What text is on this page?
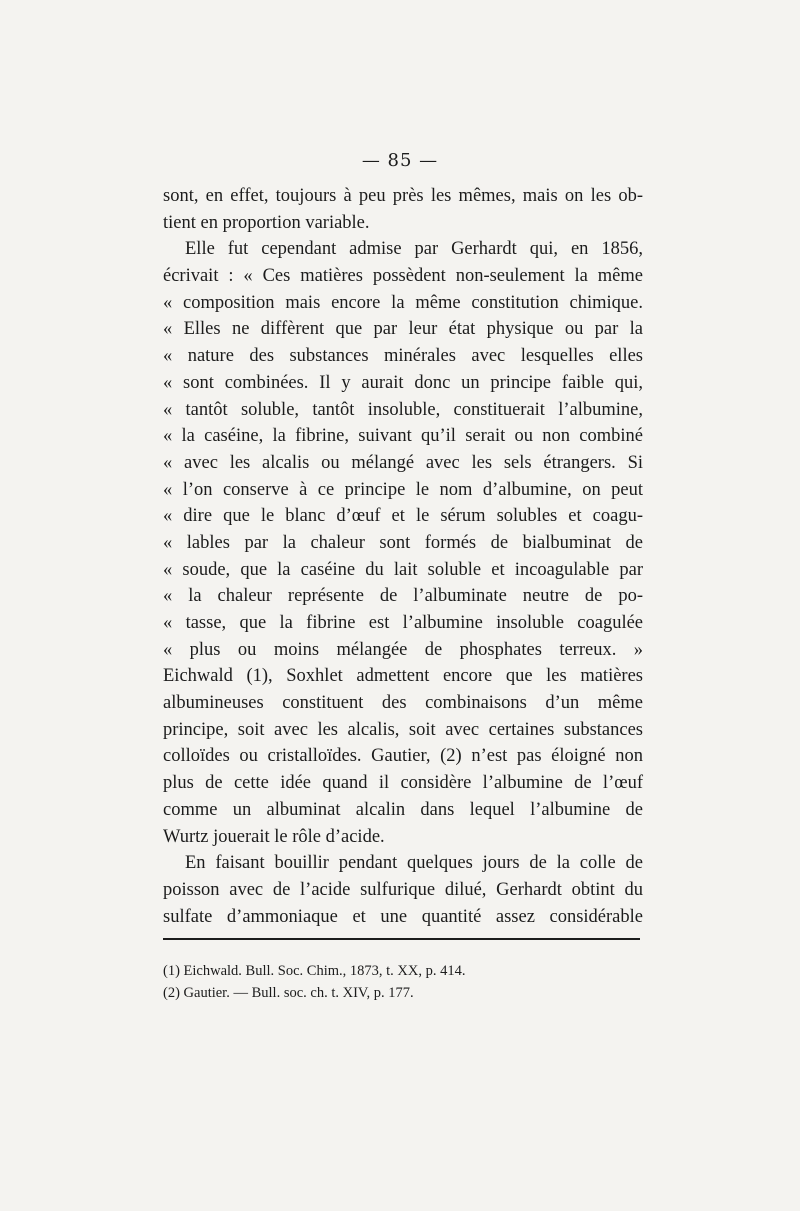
— 85 —
sont, en effet, toujours à peu près les mêmes, mais on les ob-
tient en proportion variable.
Elle fut cependant admise par Gerhardt qui, en 1856,
écrivait : « Ces matières possèdent non-seulement la même
« composition mais encore la même constitution chimique.
« Elles ne diffèrent que par leur état physique ou par la
« nature des substances minérales avec lesquelles elles
« sont combinées. Il y aurait donc un principe faible qui,
« tantôt soluble, tantôt insoluble, constituerait l’albumine,
« la caséine, la fibrine, suivant qu’il serait ou non combiné
« avec les alcalis ou mélangé avec les sels étrangers. Si
« l’on conserve à ce principe le nom d’albumine, on peut
« dire que le blanc d’œuf et le sérum solubles et coagu-
« lables par la chaleur sont formés de bialbuminat de
« soude, que la caséine du lait soluble et incoagulable par
« la chaleur représente de l’albuminate neutre de po-
« tasse, que la fibrine est l’albumine insoluble coagulée
« plus ou moins mélangée de phosphates terreux. »
Eichwald (1), Soxhlet admettent encore que les matières
albumineuses constituent des combinaisons d’un même
principe, soit avec les alcalis, soit avec certaines substances
colloïdes ou cristalloïdes. Gautier, (2) n’est pas éloigné non
plus de cette idée quand il considère l’albumine de l’œuf
comme un albuminat alcalin dans lequel l’albumine de
Wurtz jouerait le rôle d’acide.
En faisant bouillir pendant quelques jours de la colle de
poisson avec de l’acide sulfurique dilué, Gerhardt obtint du
sulfate d’ammoniaque et une quantité assez considérable
(1) Eichwald. Bull. Soc. Chim., 1873, t. XX, p. 414.
(2) Gautier. — Bull. soc. ch. t. XIV, p. 177.
